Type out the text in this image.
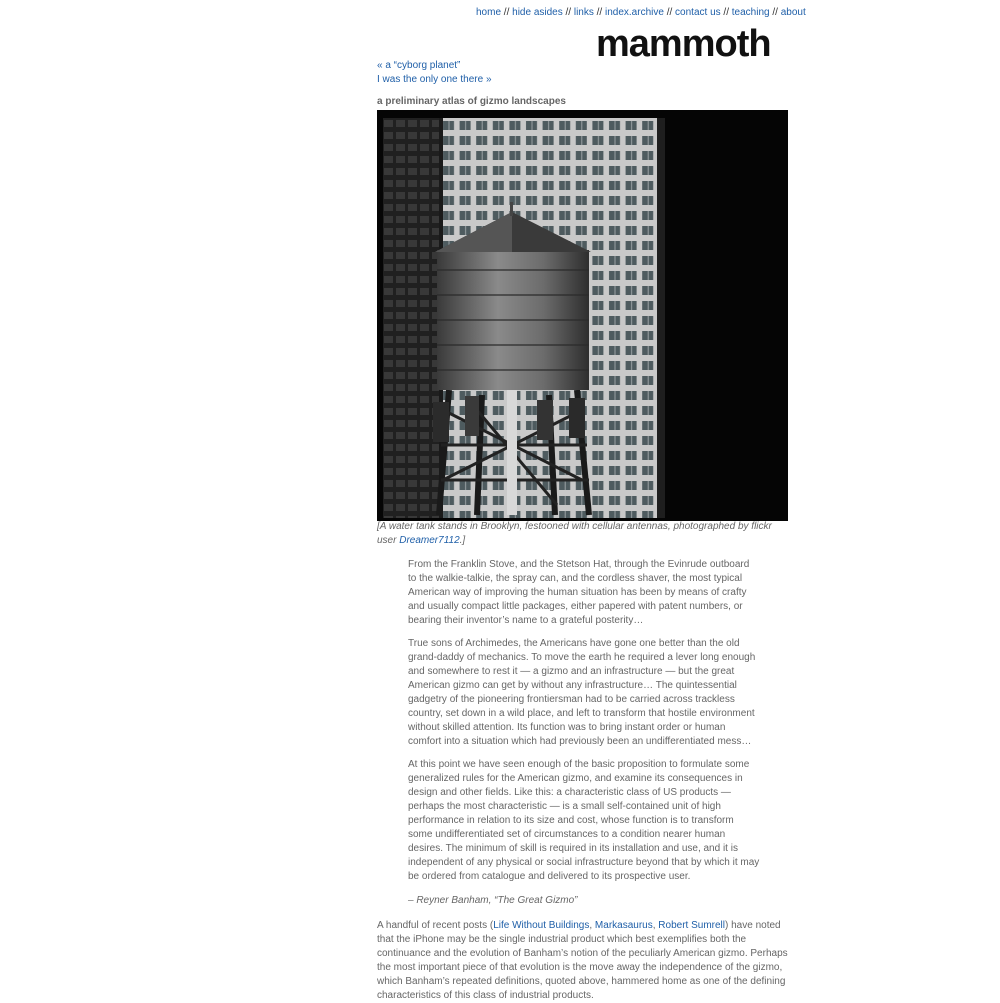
home // hide asides // links // index.archive // contact us // teaching // about
mammoth
« a “cyborg planet”
I was the only one there »
a preliminary atlas of gizmo landscapes
[A water tank stands in Brooklyn, festooned with cellular antennas, photographed by flickr user Dreamer7112.]

From the Franklin Stove, and the Stetson Hat, through the Evinrude outboard to the walkie-talkie, the spray can, and the cordless shaver, the most typical American way of improving the human situation has been by means of crafty and usually compact little packages, either papered with patent numbers, or bearing their inventor’s name to a grateful posterity…

True sons of Archimedes, the Americans have gone one better than the old grand-daddy of mechanics. To move the earth he required a lever long enough and somewhere to rest it — a gizmo and an infrastructure — but the great American gizmo can get by without any infrastructure… The quintessential gadgetry of the pioneering frontiersman had to be carried across trackless country, set down in a wild place, and left to transform that hostile environment without skilled attention. Its function was to bring instant order or human comfort into a situation which had previously been an undifferentiated mess…

At this point we have seen enough of the basic proposition to formulate some generalized rules for the American gizmo, and examine its consequences in design and other fields. Like this: a characteristic class of US products — perhaps the most characteristic — is a small self-contained unit of high performance in relation to its size and cost, whose function is to transform some undifferentiated set of circumstances to a condition nearer human desires. The minimum of skill is required in its installation and use, and it is independent of any physical or social infrastructure beyond that by which it may be ordered from catalogue and delivered to its prospective user.

– Reyner Banham, “The Great Gizmo”

A handful of recent posts (Life Without Buildings, Markasaurus, Robert Sumrell) have noted that the iPhone may be the single industrial product which best exemplifies both the continuance and the evolution of Banham’s notion of the peculiarly American gizmo. Perhaps the most important piece of that evolution is the move away the independence of the gizmo, which Banham’s repeated definitions, quoted above, hammered home as one of the defining characteristics of this class of industrial products.
